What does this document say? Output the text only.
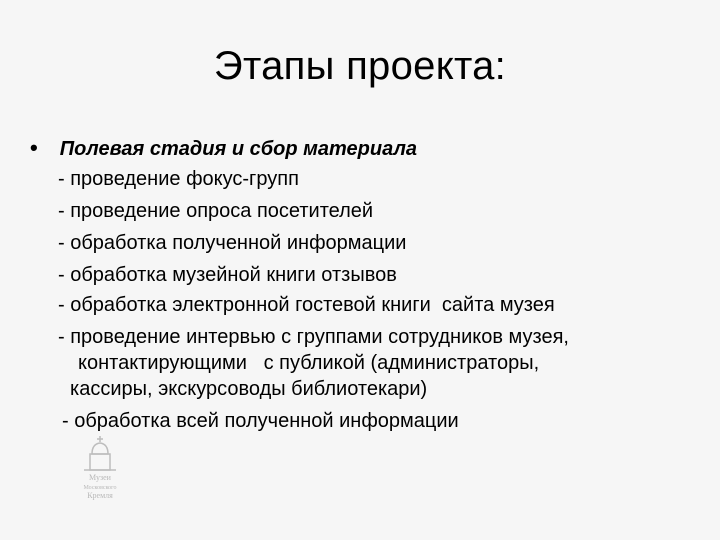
Этапы проекта:
• Полевая стадия и сбор материала
- проведение фокус-групп
- проведение опроса посетителей
- обработка полученной информации
- обработка музейной книги отзывов
- обработка электронной гостевой книги  сайта музея
- проведение интервью с группами сотрудников музея,
контактирующими   с публикой (администраторы,
кассиры, экскурсоводы библиотекари)
- обработка всей полученной информации
Музеи
Московского
Кремля
